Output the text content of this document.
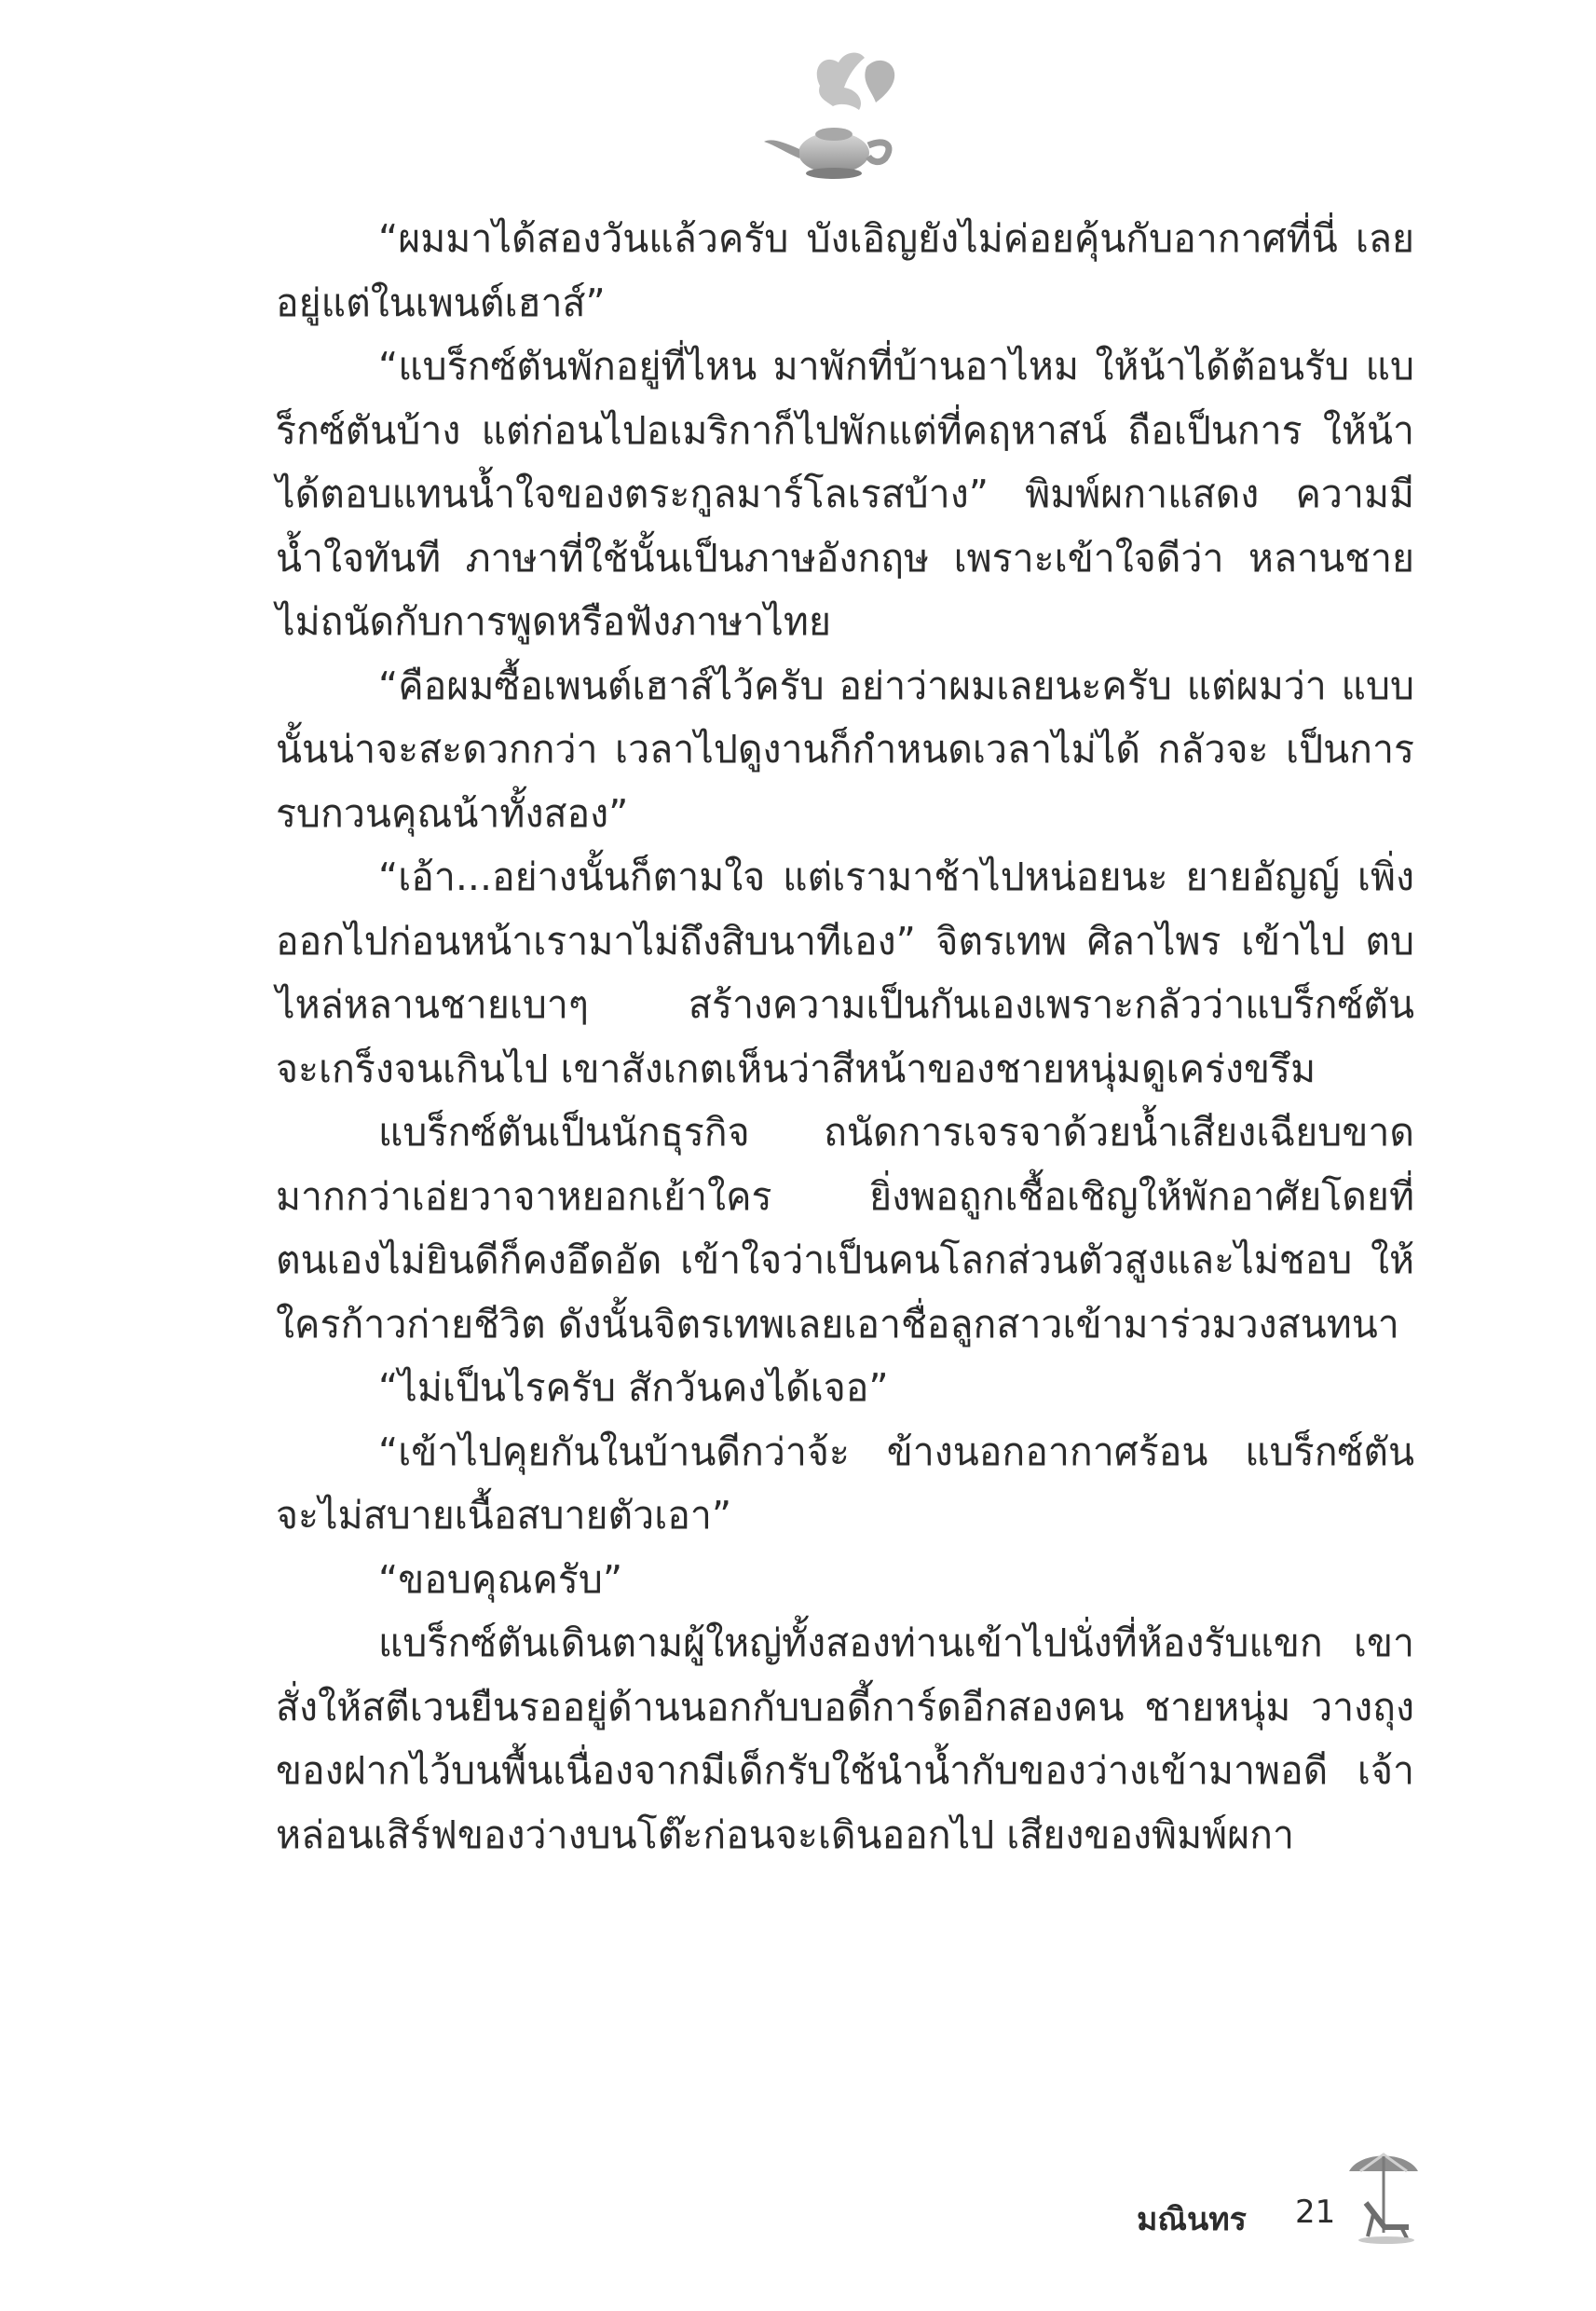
“ผมมาได้สองวันแล้วครับ บังเอิญยังไม่ค่อยคุ้นกับอากาศที่นี่ เลยอยู่แต่ในเพนต์เฮาส์”

“แบร็กซ์ตันพักอยู่ที่ไหน มาพักที่บ้านอาไหม ให้น้าได้ต้อนรับ แบร็กซ์ตันบ้าง แต่ก่อนไปอเมริกาก็ไปพักแต่ที่คฤหาสน์ ถือเป็นการ ให้น้าได้ตอบแทนน้ำใจของตระกูลมาร์โลเรสบ้าง” พิมพ์ผกาแสดง ความมีน้ำใจทันที ภาษาที่ใช้นั้นเป็นภาษอังกฤษ เพราะเข้าใจดีว่า หลานชายไม่ถนัดกับการพูดหรือฟังภาษาไทย

“คือผมซื้อเพนต์เฮาส์ไว้ครับ อย่าว่าผมเลยนะครับ แต่ผมว่า แบบนั้นน่าจะสะดวกกว่า เวลาไปดูงานก็กำหนดเวลาไม่ได้ กลัวจะ เป็นการรบกวนคุณน้าทั้งสอง”

“เอ้า...อย่างนั้นก็ตามใจ แต่เรามาช้าไปหน่อยนะ ยายอัญญ์ เพิ่งออกไปก่อนหน้าเรามาไม่ถึงสิบนาทีเอง” จิตรเทพ ศิลาไพร เข้าไป ตบไหล่หลานชายเบาๆ สร้างความเป็นกันเองเพราะกลัวว่าแบร็กซ์ตัน จะเกร็งจนเกินไป เขาสังเกตเห็นว่าสีหน้าของชายหนุ่มดูเคร่งขรึม

แบร็กซ์ตันเป็นนักธุรกิจ ถนัดการเจรจาด้วยน้ำเสียงเฉียบขาด มากกว่าเอ่ยวาจาหยอกเย้าใคร ยิ่งพอถูกเชื้อเชิญให้พักอาศัยโดยที่ ตนเองไม่ยินดีก็คงอึดอัด เข้าใจว่าเป็นคนโลกส่วนตัวสูงและไม่ชอบ ให้ใครก้าวก่ายชีวิต ดังนั้นจิตรเทพเลยเอาชื่อลูกสาวเข้ามาร่วมวงสนทนา

“ไม่เป็นไรครับ สักวันคงได้เจอ”

“เข้าไปคุยกันในบ้านดีกว่าจ้ะ ข้างนอกอากาศร้อน แบร็กซ์ตัน จะไม่สบายเนื้อสบายตัวเอา”

“ขอบคุณครับ”

แบร็กซ์ตันเดินตามผู้ใหญ่ทั้งสองท่านเข้าไปนั่งที่ห้องรับแขก เขาสั่งให้สตีเวนยืนรออยู่ด้านนอกกับบอดี้การ์ดอีกสองคน ชายหนุ่ม วางถุงของฝากไว้บนพื้นเนื่องจากมีเด็กรับใช้นำน้ำกับของว่างเข้ามาพอดี เจ้าหล่อนเสิร์ฟของว่างบนโต๊ะก่อนจะเดินออกไป เสียงของพิมพ์ผกา

มณินทร 21
